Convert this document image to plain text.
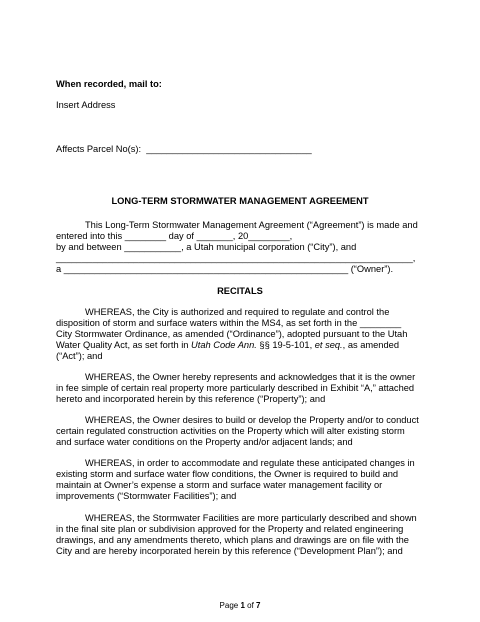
When recorded, mail to:
Insert Address
Affects Parcel No(s):  ________________________________
LONG-TERM STORMWATER MANAGEMENT AGREEMENT
This Long-Term Stormwater Management Agreement (“Agreement”) is made and
entered into this ________ day of _______, 20________,
by and between ___________, a Utah municipal corporation (“City”), and
_____________________________________________________________________,
a _______________________________________________________ (“Owner”).
RECITALS
WHEREAS, the City is authorized and required to regulate and control the
disposition of storm and surface waters within the MS4, as set forth in the ________
City Stormwater Ordinance, as amended (“Ordinance”), adopted pursuant to the Utah
Water Quality Act, as set forth in Utah Code Ann. §§ 19-5-101, et seq., as amended
(“Act”); and
WHEREAS, the Owner hereby represents and acknowledges that it is the owner
in fee simple of certain real property more particularly described in Exhibit “A,” attached
hereto and incorporated herein by this reference (“Property”); and
WHEREAS, the Owner desires to build or develop the Property and/or to conduct
certain regulated construction activities on the Property which will alter existing storm
and surface water conditions on the Property and/or adjacent lands; and
WHEREAS, in order to accommodate and regulate these anticipated changes in
existing storm and surface water flow conditions, the Owner is required to build and
maintain at Owner’s expense a storm and surface water management facility or
improvements (“Stormwater Facilities”); and
WHEREAS, the Stormwater Facilities are more particularly described and shown
in the final site plan or subdivision approved for the Property and related engineering
drawings, and any amendments thereto, which plans and drawings are on file with the
City and are hereby incorporated herein by this reference (“Development Plan”); and
Page 1 of 7
